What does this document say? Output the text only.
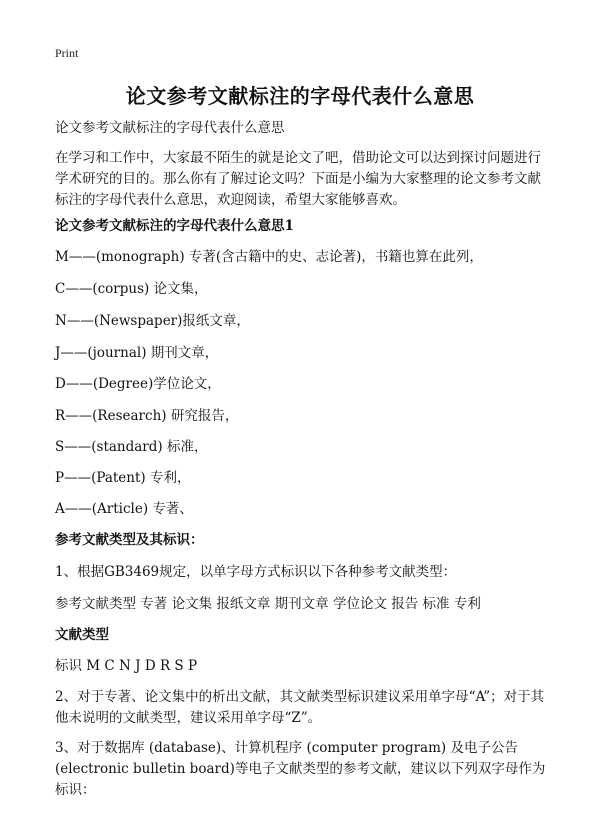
Print
论文参考文献标注的字母代表什么意思
论文参考文献标注的字母代表什么意思
在学习和工作中，大家最不陌生的就是论文了吧，借助论文可以达到探讨问题进行学术研究的目的。那么你有了解过论文吗？下面是小编为大家整理的论文参考文献标注的字母代表什么意思，欢迎阅读，希望大家能够喜欢。
论文参考文献标注的字母代表什么意思1
M——(monograph) 专著(含古籍中的史、志论著)，书籍也算在此列，
C——(corpus) 论文集，
N——(Newspaper)报纸文章，
J——(journal) 期刊文章，
D——(Degree)学位论文，
R——(Research) 研究报告，
S——(standard) 标准，
P——(Patent) 专利，
A——(Article) 专著、
参考文献类型及其标识：
1、根据GB3469规定，以单字母方式标识以下各种参考文献类型：
参考文献类型 专著 论文集 报纸文章 期刊文章 学位论文 报告 标准 专利
文献类型
标识 M C N J D R S P
2、对于专著、论文集中的析出文献，其文献类型标识建议采用单字母“A”；对于其他未说明的文献类型，建议采用单字母“Z”。
3、对于数据库 (database)、计算机程序 (computer program) 及电子公告(electronic bulletin board)等电子文献类型的参考文献，建议以下列双字母作为标识：
